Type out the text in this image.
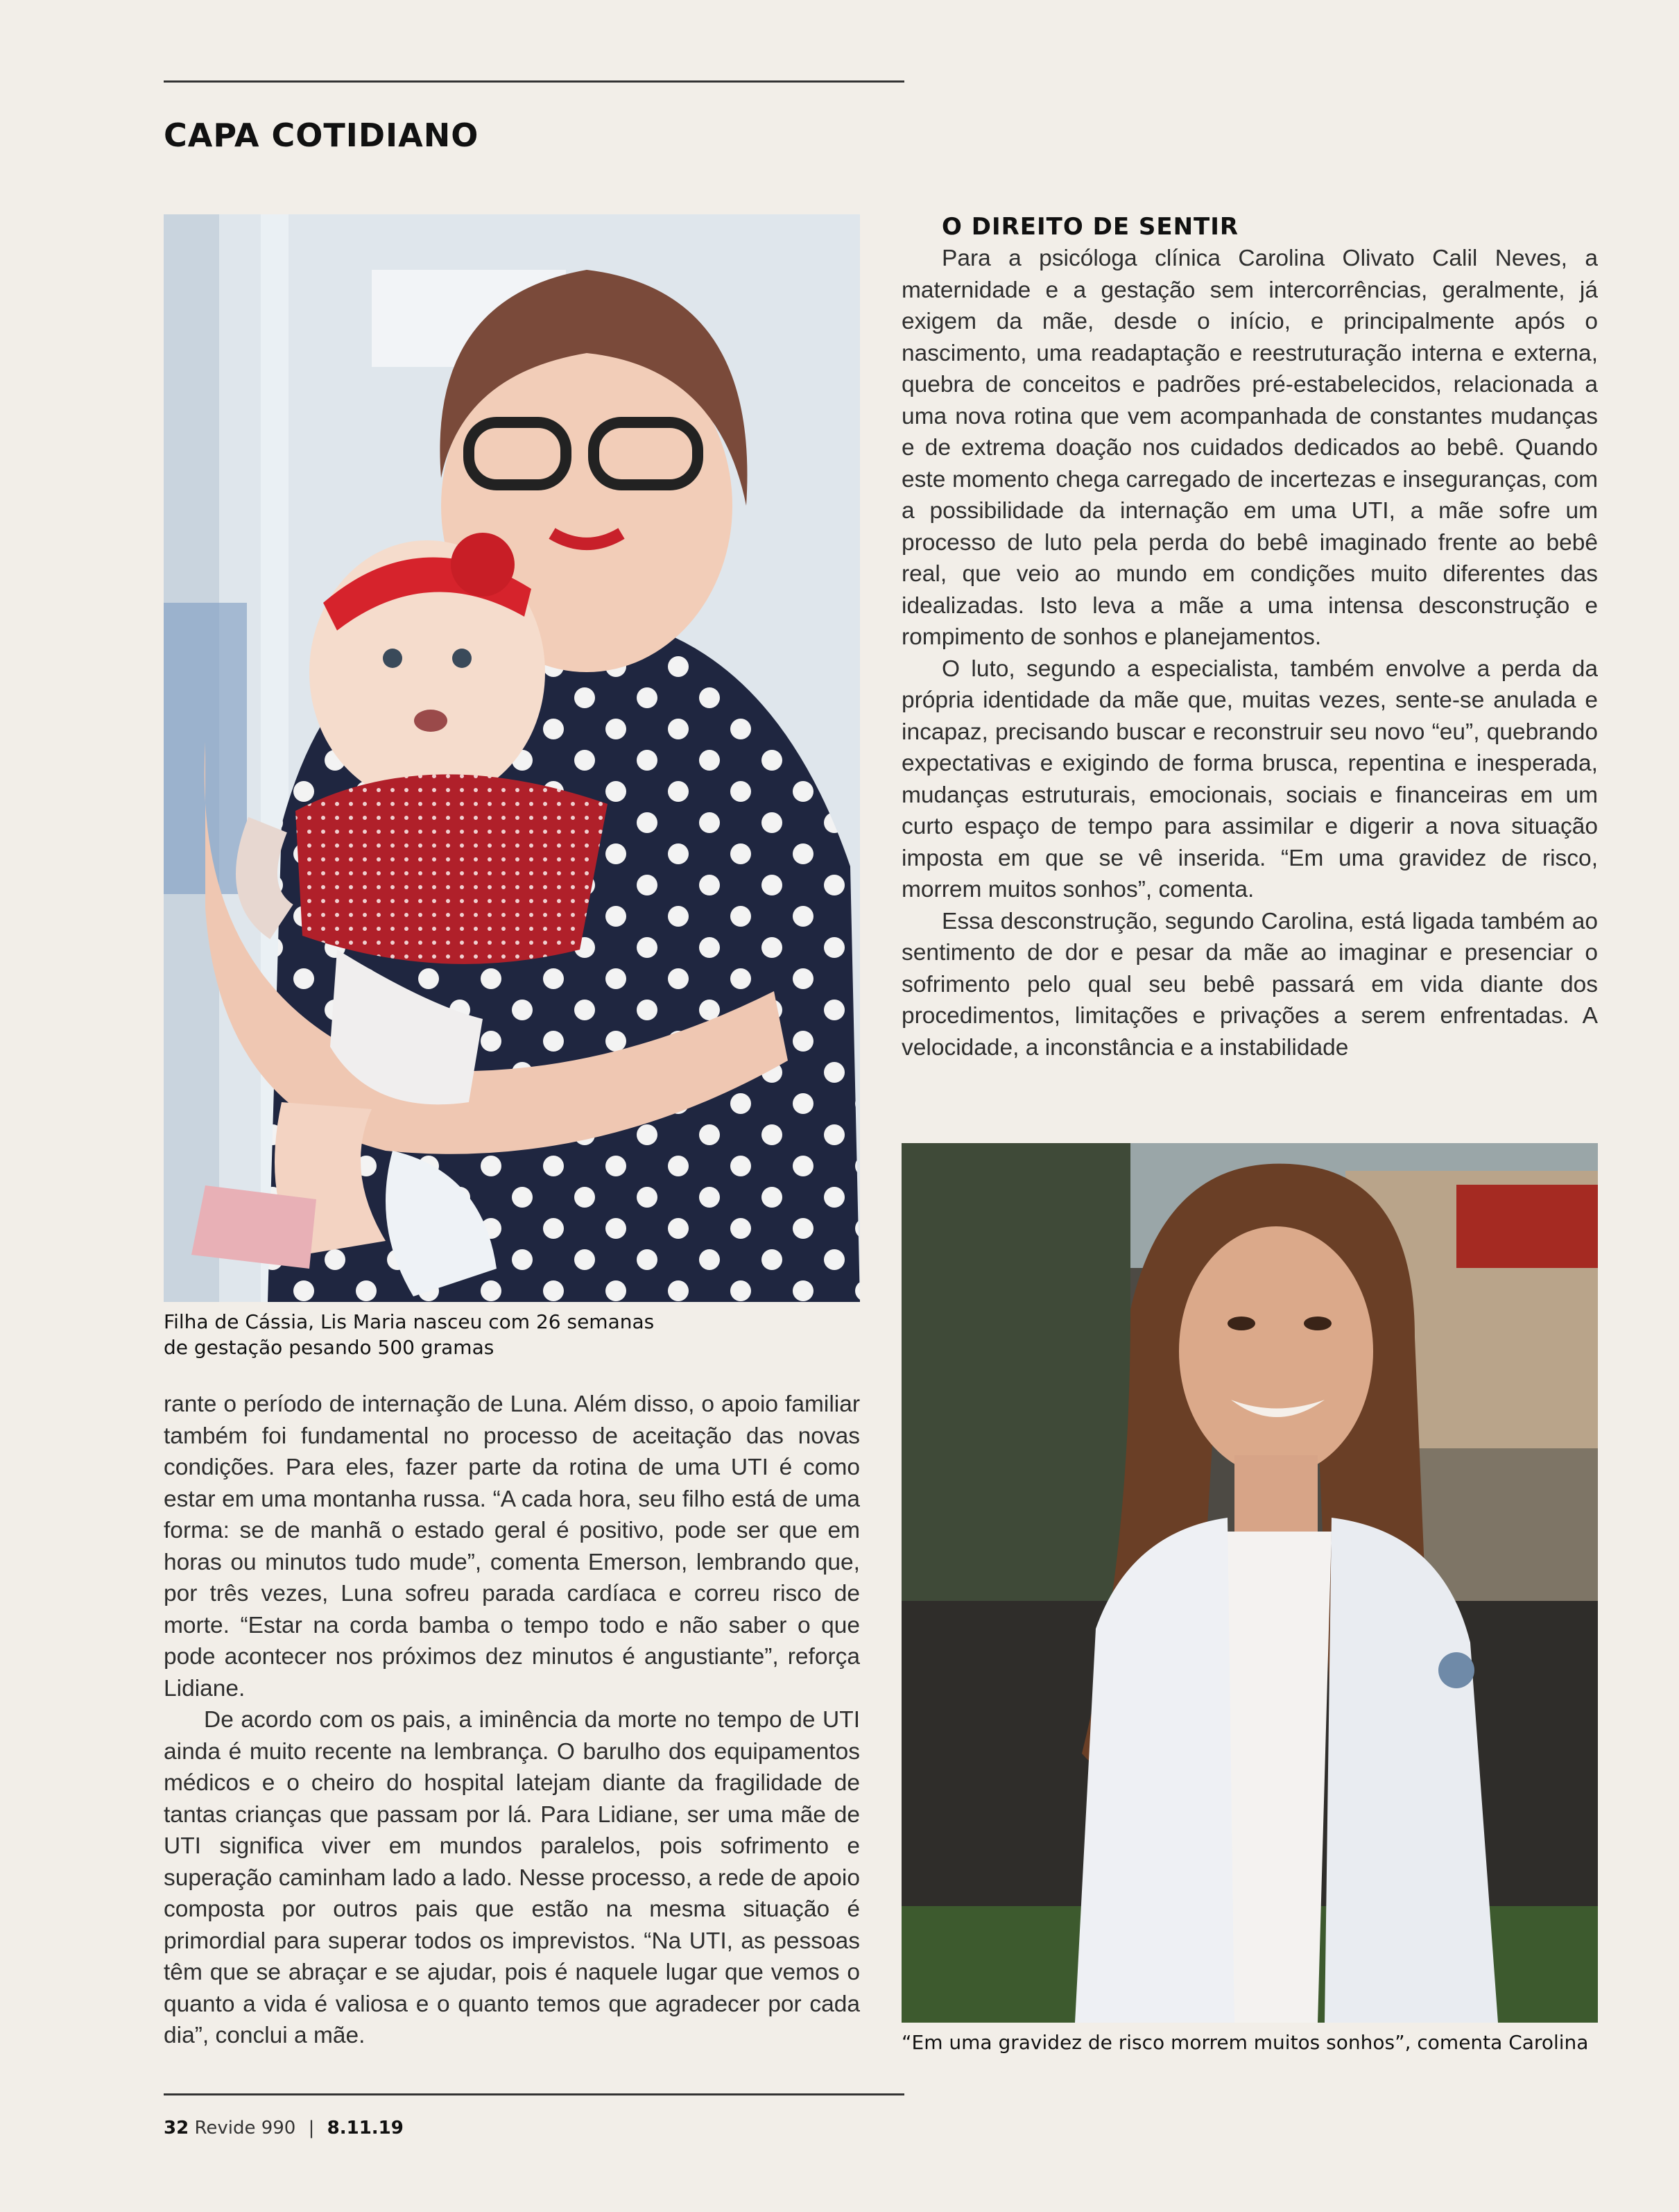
CAPA COTIDIANO

Filha de Cássia, Lis Maria nasceu com 26 semanas de gestação pesando 500 gramas

O DIREITO DE SENTIR

Para a psicóloga clínica Carolina Olivato Calil Neves, a maternidade e a gestação sem intercorrências, geralmente, já exigem da mãe, desde o início, e principalmente após o nascimento, uma readaptação e reestruturação interna e externa, quebra de conceitos e padrões pré-estabelecidos, relacionada a uma nova rotina que vem acompanhada de constantes mudanças e de extrema doação nos cuidados dedicados ao bebê. Quando este momento chega carregado de incertezas e inseguranças, com a possibilidade da internação em uma UTI, a mãe sofre um processo de luto pela perda do bebê imaginado frente ao bebê real, que veio ao mundo em condições muito diferentes das idealizadas. Isto leva a mãe a uma intensa desconstrução e rompimento de sonhos e planejamentos.

O luto, segundo a especialista, também envolve a perda da própria identidade da mãe que, muitas vezes, sente-se anulada e incapaz, precisando buscar e reconstruir seu novo “eu”, quebrando expectativas e exigindo de forma brusca, repentina e inesperada, mudanças estruturais, emocionais, sociais e financeiras em um curto espaço de tempo para assimilar e digerir a nova situação imposta em que se vê inserida. “Em uma gravidez de risco, morrem muitos sonhos”, comenta.

Essa desconstrução, segundo Carolina, está ligada também ao sentimento de dor e pesar da mãe ao imaginar e presenciar o sofrimento pelo qual seu bebê passará em vida diante dos procedimentos, limitações e privações a serem enfrentadas. A velocidade, a inconstância e a instabilidade

“Em uma gravidez de risco morrem muitos sonhos”, comenta Carolina

rante o período de internação de Luna. Além disso, o apoio familiar também foi fundamental no processo de aceitação das novas condições. Para eles, fazer parte da rotina de uma UTI é como estar em uma montanha russa. “A cada hora, seu filho está de uma forma: se de manhã o estado geral é positivo, pode ser que em horas ou minutos tudo mude”, comenta Emerson, lembrando que, por três vezes, Luna sofreu parada cardíaca e correu risco de morte. “Estar na corda bamba o tempo todo e não saber o que pode acontecer nos próximos dez minutos é angustiante”, reforça Lidiane.

De acordo com os pais, a iminência da morte no tempo de UTI ainda é muito recente na lembrança. O barulho dos equipamentos médicos e o cheiro do hospital latejam diante da fragilidade de tantas crianças que passam por lá. Para Lidiane, ser uma mãe de UTI significa viver em mundos paralelos, pois sofrimento e superação caminham lado a lado. Nesse processo, a rede de apoio composta por outros pais que estão na mesma situação é primordial para superar todos os imprevistos. “Na UTI, as pessoas têm que se abraçar e se ajudar, pois é naquele lugar que vemos o quanto a vida é valiosa e o quanto temos que agradecer por cada dia”, conclui a mãe.

32 Revide 990 | 8.11.19
